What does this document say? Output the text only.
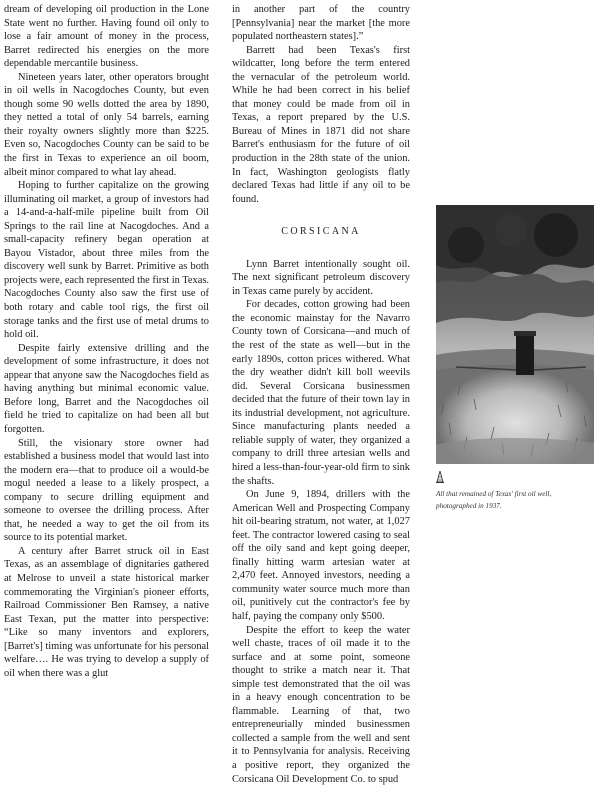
dream of developing oil production in the Lone State went no further. Having found oil only to lose a fair amount of money in the process, Barret redirected his energies on the more dependable mercantile business.

Nineteen years later, other operators brought in oil wells in Nacogdoches County, but even though some 90 wells dotted the area by 1890, they netted a total of only 54 barrels, earning their royalty owners slightly more than $225. Even so, Nacogdoches County can be said to be the first in Texas to experience an oil boom, albeit minor compared to what lay ahead.

Hoping to further capitalize on the growing illuminating oil market, a group of investors had a 14-and-a-half-mile pipeline built from Oil Springs to the rail line at Nacogdoches. And a small-capacity refinery began operation at Bayou Vistador, about three miles from the discovery well sunk by Barret. Primitive as both projects were, each represented the first in Texas. Nacogdoches County also saw the first use of both rotary and cable tool rigs, the first oil storage tanks and the first use of metal drums to hold oil.

Despite fairly extensive drilling and the development of some infrastructure, it does not appear that anyone saw the Nacogdoches field as having anything but minimal economic value. Before long, Barret and the Nacogdoches oil field he tried to capitalize on had been all but forgotten.

Still, the visionary store owner had established a business model that would last into the modern era—that to produce oil a would-be mogul needed a lease to a likely prospect, a company to secure drilling equipment and someone to oversee the drilling process. After that, he needed a way to get the oil from its source to its potential market.

A century after Barret struck oil in East Texas, as an assemblage of dignitaries gathered at Melrose to unveil a state historical marker commemorating the Virginian's pioneer efforts, Railroad Commissioner Ben Ramsey, a native East Texan, put the matter into perspective: “Like so many inventors and explorers, [Barret's] timing was unfortunate for his personal welfare…. He was trying to develop a supply of oil when there was a glut

in another part of the country [Pennsylvania] near the market [the more populated northeastern states].”

Barrett had been Texas's first wildcatter, long before the term entered the vernacular of the petroleum world. While he had been correct in his belief that money could be made from oil in Texas, a report prepared by the U.S. Bureau of Mines in 1871 did not share Barret's enthusiasm for the future of oil production in the 28th state of the union. In fact, Washington geologists flatly declared Texas had little if any oil to be found.

CORSICANA

Lynn Barret intentionally sought oil. The next significant petroleum discovery in Texas came purely by accident.

For decades, cotton growing had been the economic mainstay for the Navarro County town of Corsicana—and much of the rest of the state as well—but in the early 1890s, cotton prices withered. What the dry weather didn't kill boll weevils did. Several Corsicana businessmen decided that the future of their town lay in its industrial development, not agriculture. Since manufacturing plants needed a reliable supply of water, they organized a company to drill three artesian wells and hired a less-than-four-year-old firm to sink the shafts.

On June 9, 1894, drillers with the American Well and Prospecting Company hit oil-bearing stratum, not water, at 1,027 feet. The contractor lowered casing to seal off the oily sand and kept going deeper, finally hitting warm artesian water at 2,470 feet. Annoyed investors, needing a community water source much more than oil, punitively cut the contractor's fee by half, paying the company only $500.

Despite the effort to keep the water well chaste, traces of oil made it to the surface and at some point, someone thought to strike a match near it. That simple test demonstrated that the oil was in a heavy enough concentration to be flammable. Learning of that, two entrepreneurially minded businessmen collected a sample from the well and sent it to Pennsylvania for analysis. Receiving a positive report, they organized the Corsicana Oil Development Co. to spud

All that remained of Texas' first oil well, photographed in 1937.
